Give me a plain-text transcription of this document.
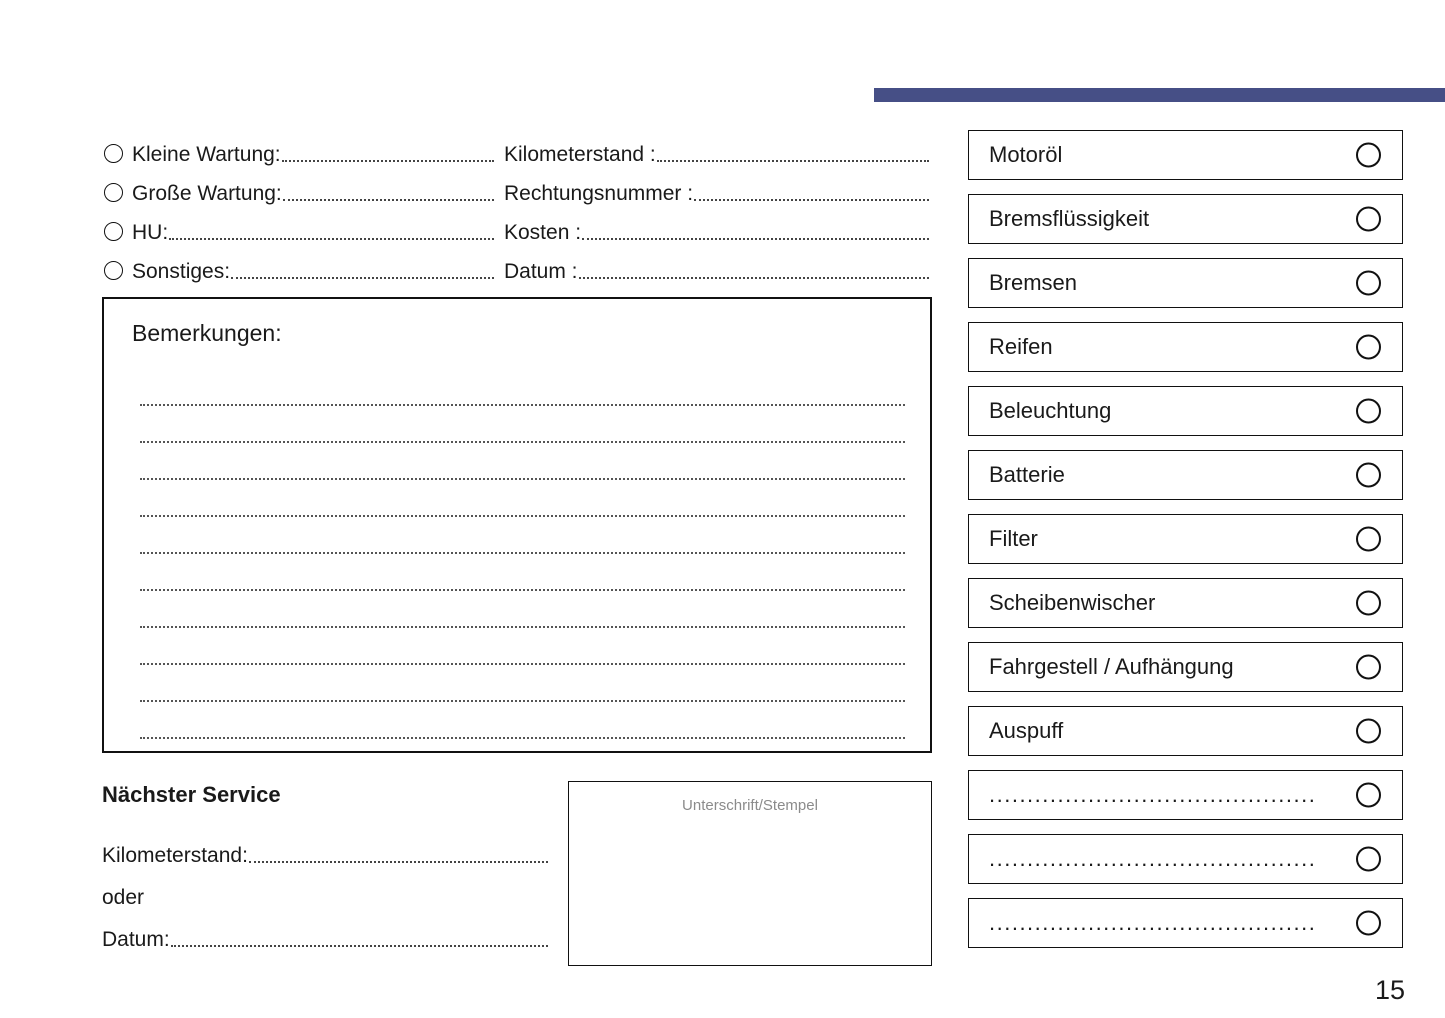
Kleine Wartung:
Große Wartung:
HU:
Sonstiges:
Kilometerstand :
Rechtungsnummer :
Kosten :
Datum :
Bemerkungen:
Nächster Service
Kilometerstand:
oder
Datum:
Unterschrift/Stempel
Motoröl
Bremsflüssigkeit
Bremsen
Reifen
Beleuchtung
Batterie
Filter
Scheibenwischer
Fahrgestell / Aufhängung
Auspuff
...........................................
...........................................
...........................................
15
